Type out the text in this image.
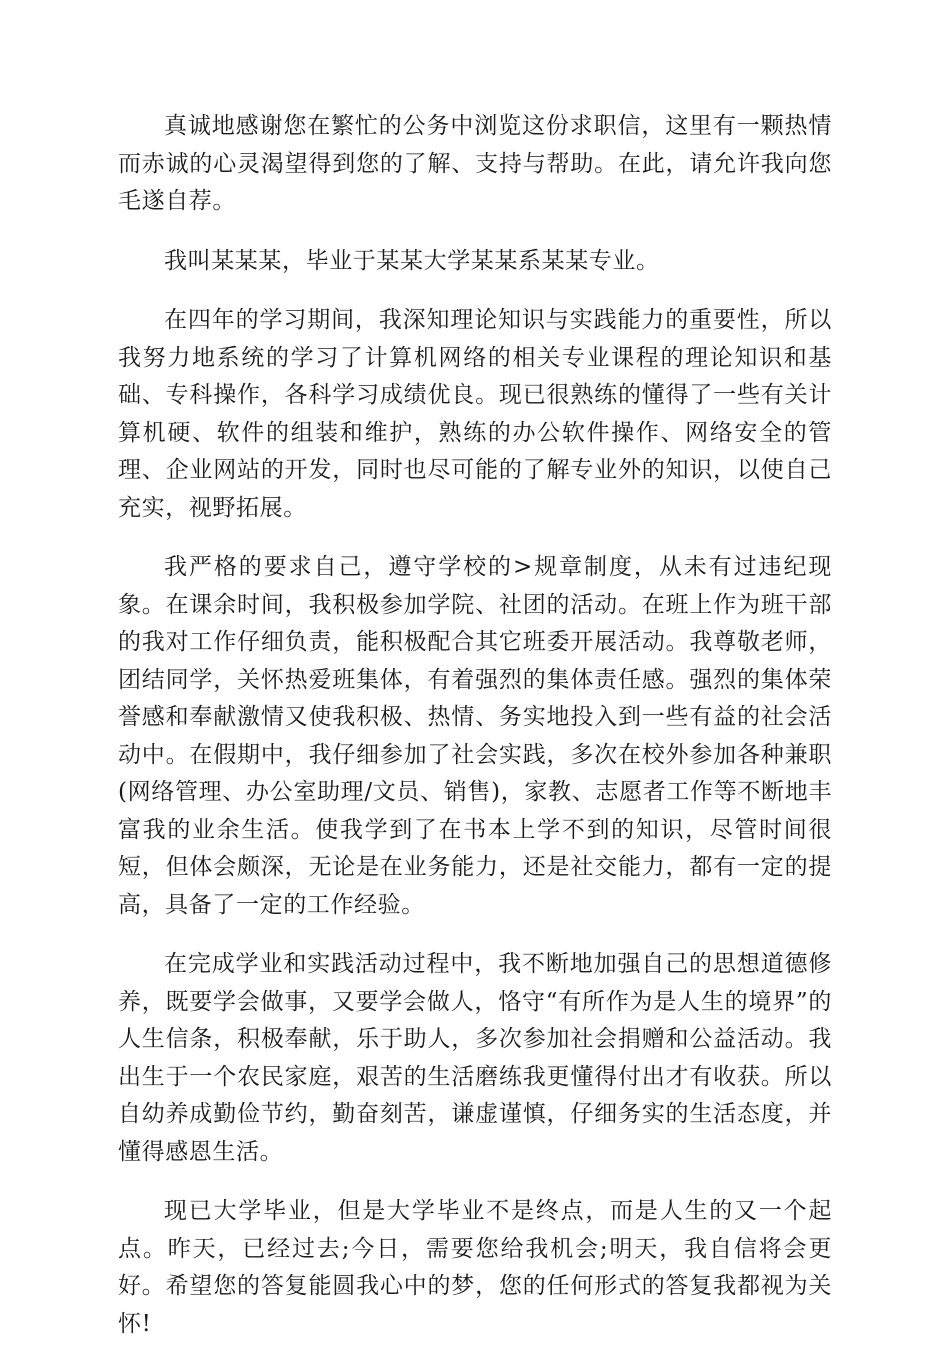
真诚地感谢您在繁忙的公务中浏览这份求职信，这里有一颗热情而赤诚的心灵渴望得到您的了解、支持与帮助。在此，请允许我向您毛遂自荐。

我叫某某某，毕业于某某大学某某系某某专业。

在四年的学习期间，我深知理论知识与实践能力的重要性，所以我努力地系统的学习了计算机网络的相关专业课程的理论知识和基础、专科操作，各科学习成绩优良。现已很熟练的懂得了一些有关计算机硬、软件的组装和维护，熟练的办公软件操作、网络安全的管理、企业网站的开发，同时也尽可能的了解专业外的知识，以使自己充实，视野拓展。

我严格的要求自己，遵守学校的>规章制度，从未有过违纪现象。在课余时间，我积极参加学院、社团的活动。在班上作为班干部的我对工作仔细负责，能积极配合其它班委开展活动。我尊敬老师，团结同学，关怀热爱班集体，有着强烈的集体责任感。强烈的集体荣誉感和奉献激情又使我积极、热情、务实地投入到一些有益的社会活动中。在假期中，我仔细参加了社会实践，多次在校外参加各种兼职(网络管理、办公室助理/文员、销售)，家教、志愿者工作等不断地丰富我的业余生活。使我学到了在书本上学不到的知识，尽管时间很短，但体会颇深，无论是在业务能力，还是社交能力，都有一定的提高，具备了一定的工作经验。

在完成学业和实践活动过程中，我不断地加强自己的思想道德修养，既要学会做事，又要学会做人，恪守“有所作为是人生的境界”的人生信条，积极奉献，乐于助人，多次参加社会捐赠和公益活动。我出生于一个农民家庭，艰苦的生活磨练我更懂得付出才有收获。所以自幼养成勤俭节约，勤奋刻苦，谦虚谨慎，仔细务实的生活态度，并懂得感恩生活。

现已大学毕业，但是大学毕业不是终点，而是人生的又一个起点。昨天，已经过去;今日，需要您给我机会;明天，我自信将会更好。希望您的答复能圆我心中的梦，您的任何形式的答复我都视为关怀!
